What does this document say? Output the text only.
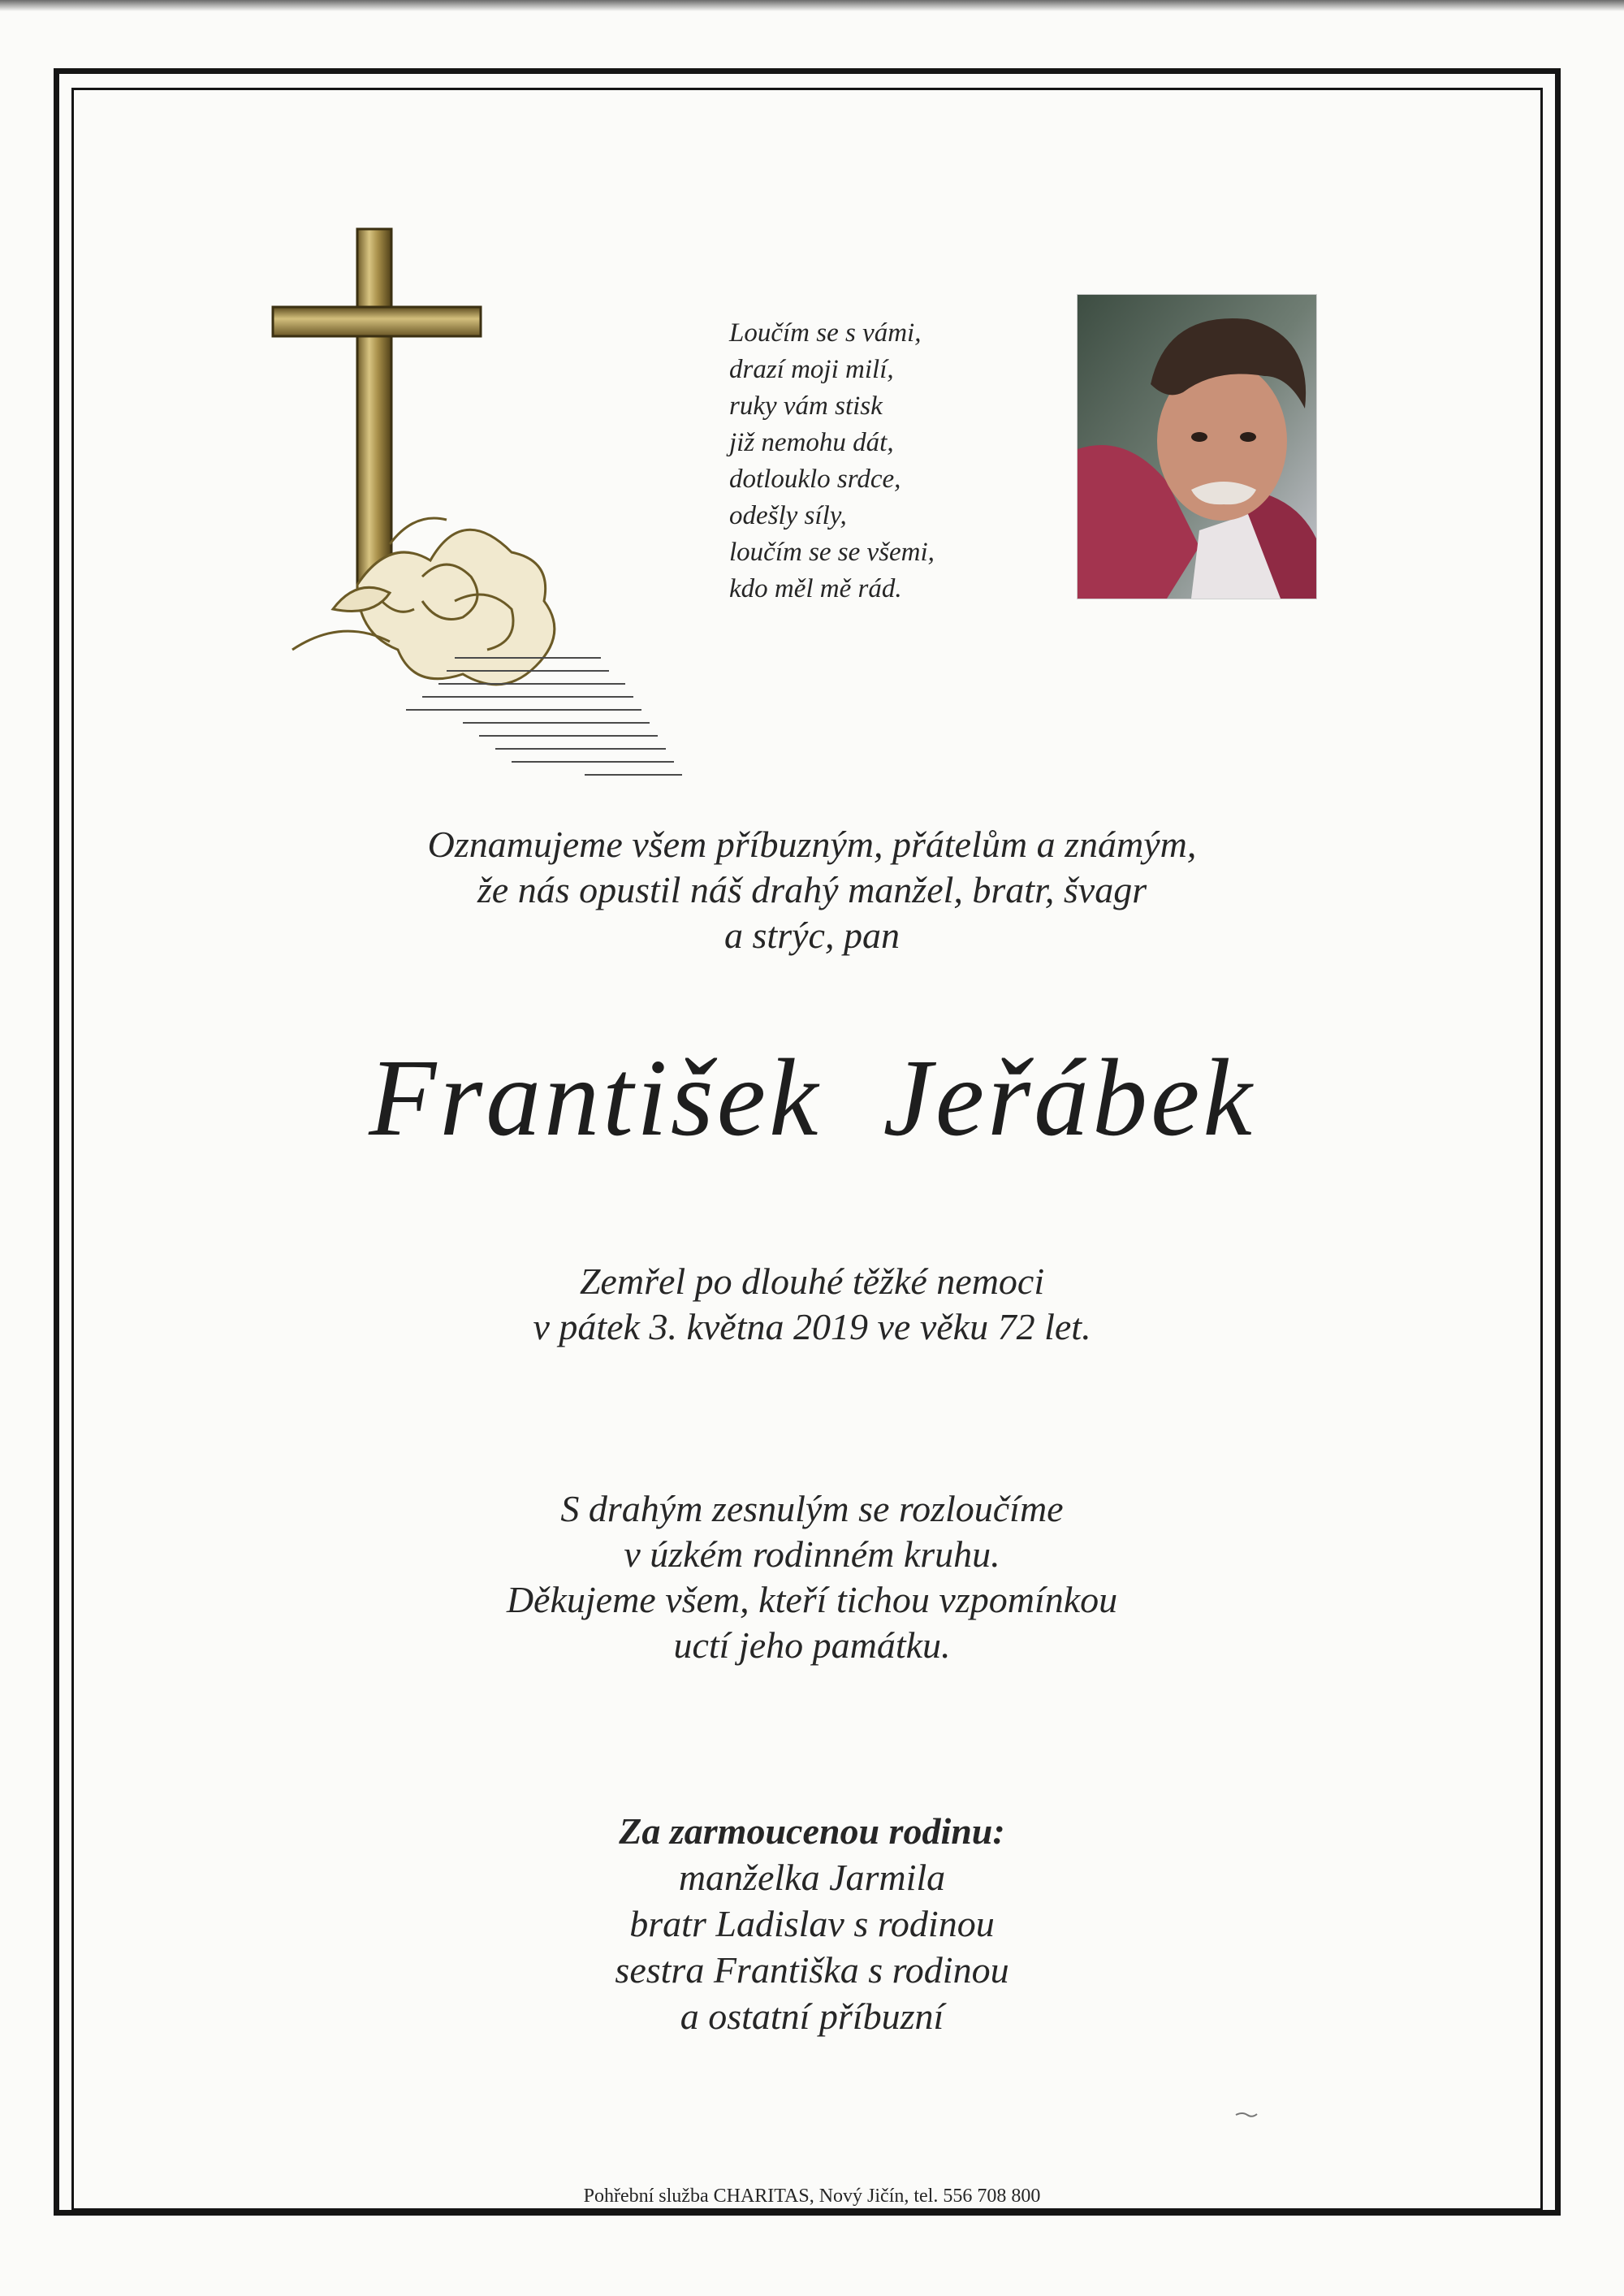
Loučím se s vámi,
drazí moji milí,
ruky vám stisk
již nemohu dát,
dotlouklo srdce,
odešly síly,
loučím se se všemi,
kdo měl mě rád.
Oznamujeme všem příbuzným, přátelům a známým,
že nás opustil náš drahý manžel, bratr, švagr
a strýc, pan
František  Jeřábek
Zemřel po dlouhé těžké nemoci
v pátek 3. května 2019 ve věku 72 let.
S drahým zesnulým se rozloučíme
v úzkém rodinném kruhu.
Děkujeme všem, kteří tichou vzpomínkou
uctí jeho památku.
Za zarmoucenou rodinu:
manželka Jarmila
bratr Ladislav s rodinou
sestra Františka s rodinou
a ostatní příbuzní
Pohřební služba CHARITAS, Nový Jičín, tel. 556 708 800
